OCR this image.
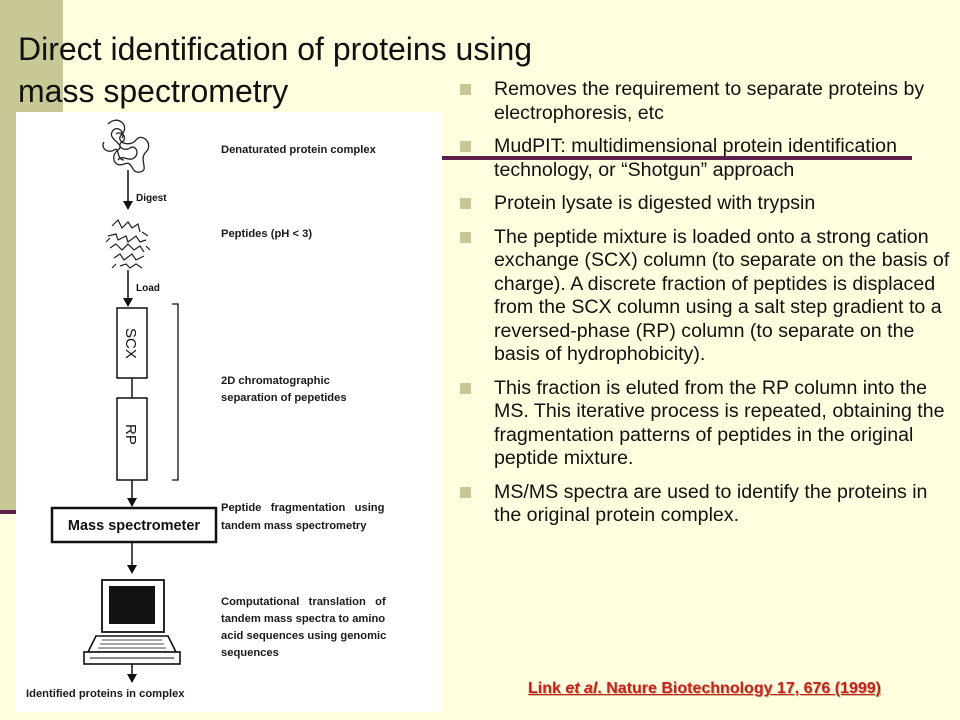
Direct identification of proteins using mass spectrometry
Digest
Denaturated protein complex
Peptides (pH < 3)
Load
SCX
RP
2D chromatographic
separation of pepetides
Mass spectrometer
Peptide   fragmentation   using
tandem mass spectrometry
Computational   translation   of
tandem mass spectra to amino
acid sequences using genomic
sequences
Identified proteins in complex
Removes the requirement to separate proteins by electrophoresis, etc
MudPIT: multidimensional protein identification technology, or “Shotgun” approach
Protein lysate is digested with trypsin
The peptide mixture is loaded onto a strong cation exchange (SCX) column (to separate on the basis of charge). A discrete fraction of peptides is displaced from the SCX column using a salt step gradient to a reversed-phase (RP) column (to separate on the basis of hydrophobicity).
This fraction is eluted from the RP column into the MS. This iterative process is repeated, obtaining the fragmentation patterns of peptides in the original peptide mixture.
MS/MS spectra are used to identify the proteins in the original protein complex.
Link et al. Nature Biotechnology 17, 676 (1999)
